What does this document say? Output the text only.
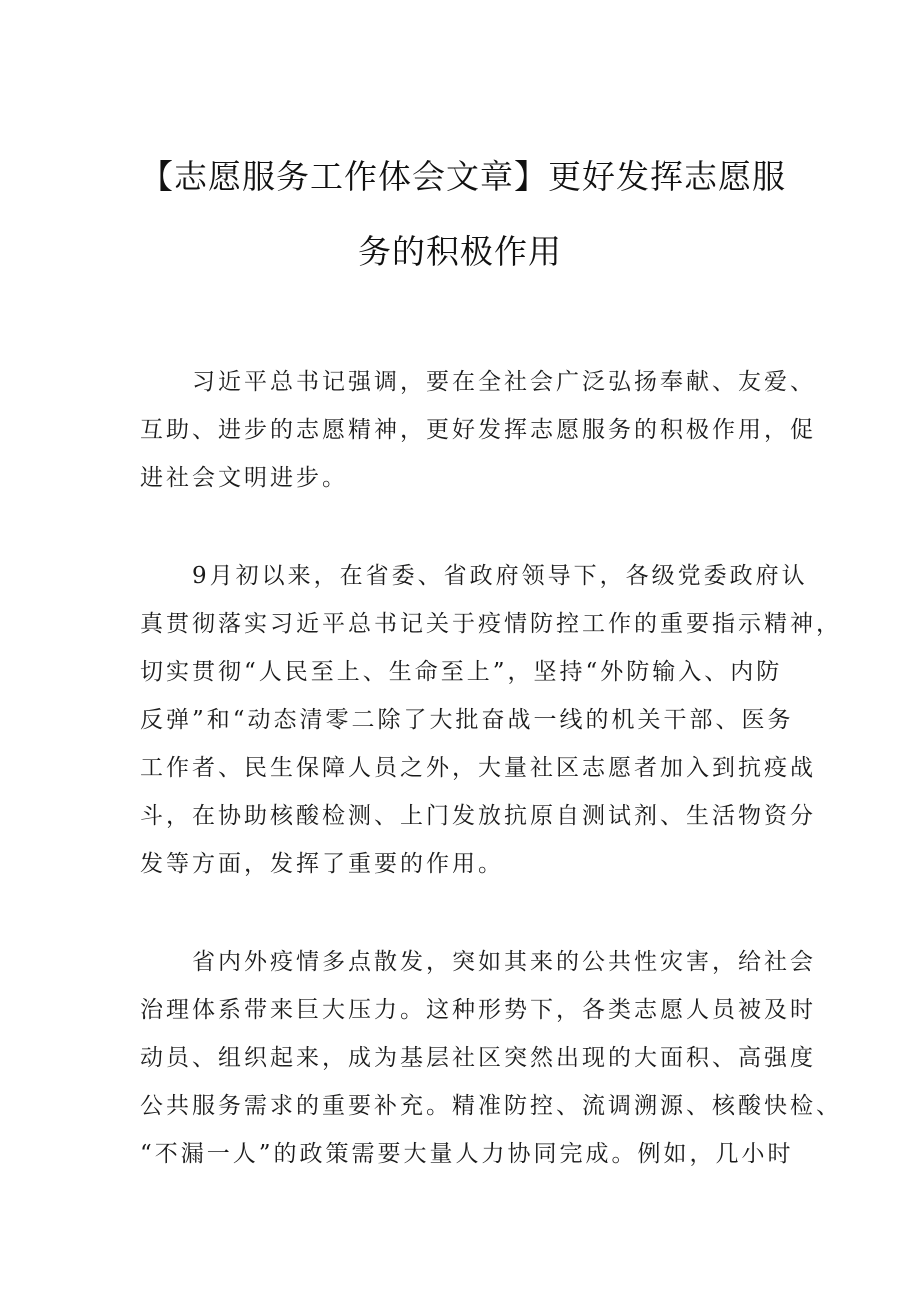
【志愿服务工作体会文章】更好发挥志愿服
务的积极作用
习近平总书记强调，要在全社会广泛弘扬奉献、友爱、
互助、进步的志愿精神，更好发挥志愿服务的积极作用，促
进社会文明进步。
9月初以来，在省委、省政府领导下，各级党委政府认
真贯彻落实习近平总书记关于疫情防控工作的重要指示精神，
切实贯彻“人民至上、生命至上”，坚持“外防输入、内防
反弹”和“动态清零二除了大批奋战一线的机关干部、医务
工作者、民生保障人员之外，大量社区志愿者加入到抗疫战
斗，在协助核酸检测、上门发放抗原自测试剂、生活物资分
发等方面，发挥了重要的作用。
省内外疫情多点散发，突如其来的公共性灾害，给社会
治理体系带来巨大压力。这种形势下，各类志愿人员被及时
动员、组织起来，成为基层社区突然出现的大面积、高强度
公共服务需求的重要补充。精准防控、流调溯源、核酸快检、
“不漏一人”的政策需要大量人力协同完成。例如，几小时
